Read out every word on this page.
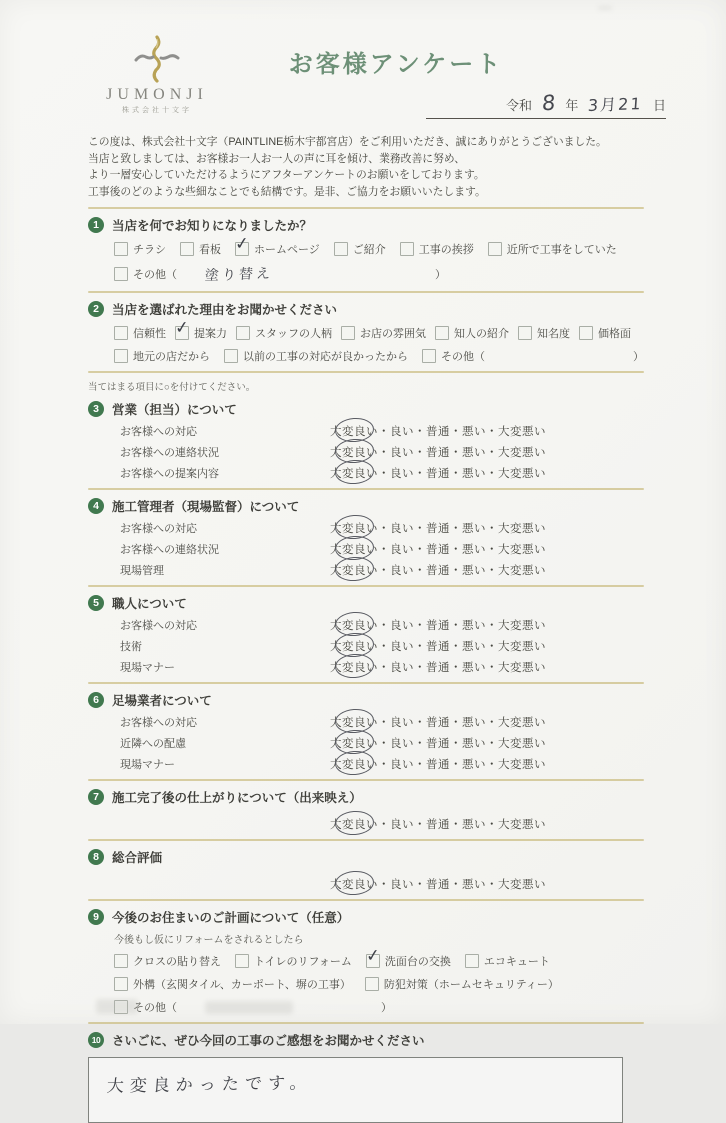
JUMONJI
株式会社十文字
お客様アンケート
令和 8 年 3月21 日
この度は、株式会社十文字（PAINTLINE栃木宇都宮店）をご利用いただき、誠にありがとうございました。
当店と致しましては、お客様お一人お一人の声に耳を傾け、業務改善に努め、
より一層安心していただけるようにアフターアンケートのお願いをしております。
工事後のどのような些細なことでも結構です。是非、ご協力をお願いいたします。
1	当店を何でお知りになりましたか？
チラシ	看板 ✓	ホームページ	ご紹介	工事の挨拶	近所で工事をしていた
その他（ 塗り替え	）
2	当店を選ばれた理由をお聞かせください
信頼性 ✓	提案力	スタッフの人柄	お店の雰囲気	知人の紹介	知名度	価格面
地元の店だから	以前の工事の対応が良かったから	その他（	）
当てはまる項目に○を付けてください。
3	営業（担当）について
お客様への対応	大変良い・良い・普通・悪い・大変悪い
お客様への連絡状況	大変良い・良い・普通・悪い・大変悪い
お客様への提案内容	大変良い・良い・普通・悪い・大変悪い
4	施工管理者（現場監督）について
お客様への対応	大変良い・良い・普通・悪い・大変悪い
お客様への連絡状況	大変良い・良い・普通・悪い・大変悪い
現場管理	大変良い・良い・普通・悪い・大変悪い
5	職人について
お客様への対応	大変良い・良い・普通・悪い・大変悪い
技術	大変良い・良い・普通・悪い・大変悪い
現場マナー	大変良い・良い・普通・悪い・大変悪い
6	足場業者について
お客様への対応	大変良い・良い・普通・悪い・大変悪い
近隣への配慮	大変良い・良い・普通・悪い・大変悪い
現場マナー	大変良い・良い・普通・悪い・大変悪い
7	施工完了後の仕上がりについて（出来映え）
大変良い・良い・普通・悪い・大変悪い
8	総合評価
大変良い・良い・普通・悪い・大変悪い
9	今後のお住まいのご計画について（任意）
今後もし仮にリフォームをされるとしたら
クロスの貼り替え	トイレのリフォーム ✓	洗面台の交換	エコキュート
外構（玄関タイル、カーポート、塀の工事）	防犯対策（ホームセキュリティー）
その他（	）
10 さいごに、ぜひ今回の工事のご感想をお聞かせください
大変良かったです。
